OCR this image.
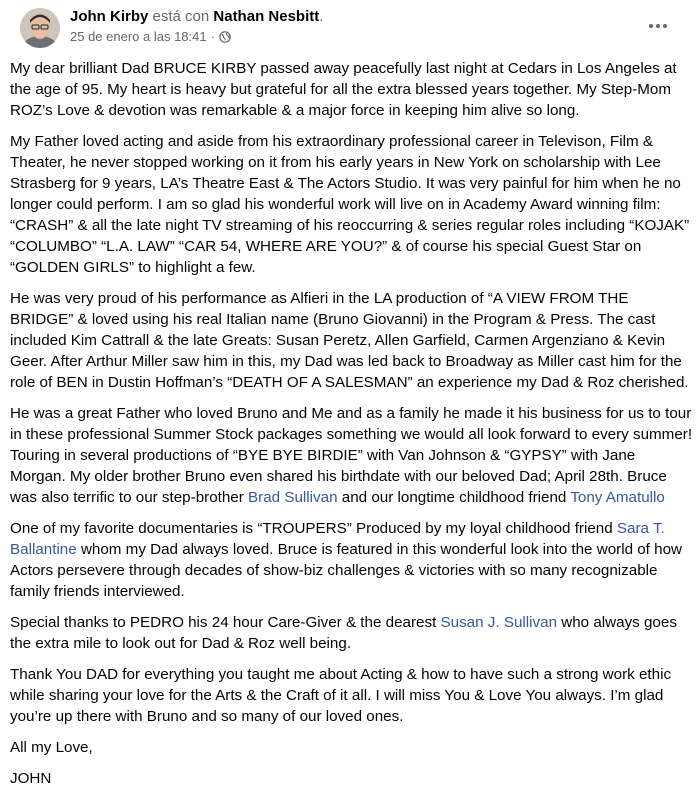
John Kirby está con Nathan Nesbitt.
25 de enero a las 18:41 ·

My dear brilliant Dad BRUCE KIRBY passed away peacefully last night at Cedars in Los Angeles at the age of 95. My heart is heavy but grateful for all the extra blessed years together. My Step-Mom ROZ’s Love & devotion was remarkable & a major force in keeping him alive so long.

My Father loved acting and aside from his extraordinary professional career in Televison, Film & Theater, he never stopped working on it from his early years in New York on scholarship with Lee Strasberg for 9 years, LA’s Theatre East & The Actors Studio. It was very painful for him when he no longer could perform. I am so glad his wonderful work will live on in Academy Award winning film: “CRASH” & all the late night TV streaming of his reoccurring & series regular roles including “KOJAK” “COLUMBO” “L.A. LAW” “CAR 54, WHERE ARE YOU?” & of course his special Guest Star on “GOLDEN GIRLS” to highlight a few.

He was very proud of his performance as Alfieri in the LA production of “A VIEW FROM THE BRIDGE” & loved using his real Italian name (Bruno Giovanni) in the Program & Press. The cast included Kim Cattrall & the late Greats: Susan Peretz, Allen Garfield, Carmen Argenziano & Kevin Geer. After Arthur Miller saw him in this, my Dad was led back to Broadway as Miller cast him for the role of BEN in Dustin Hoffman’s “DEATH OF A SALESMAN” an experience my Dad & Roz cherished.

He was a great Father who loved Bruno and Me and as a family he made it his business for us to tour in these professional Summer Stock packages something we would all look forward to every summer! Touring in several productions of “BYE BYE BIRDIE” with Van Johnson & “GYPSY” with Jane Morgan. My older brother Bruno even shared his birthdate with our beloved Dad; April 28th. Bruce was also terrific to our step-brother Brad Sullivan and our longtime childhood friend Tony Amatullo

One of my favorite documentaries is “TROUPERS” Produced by my loyal childhood friend Sara T. Ballantine whom my Dad always loved. Bruce is featured in this wonderful look into the world of how Actors persevere through decades of show-biz challenges & victories with so many recognizable family friends interviewed.

Special thanks to PEDRO his 24 hour Care-Giver & the dearest Susan J. Sullivan who always goes the extra mile to look out for Dad & Roz well being.

Thank You DAD for everything you taught me about Acting & how to have such a strong work ethic while sharing your love for the Arts & the Craft of it all. I will miss You & Love You always. I’m glad you’re up there with Bruno and so many of our loved ones.

All my Love,

JOHN
